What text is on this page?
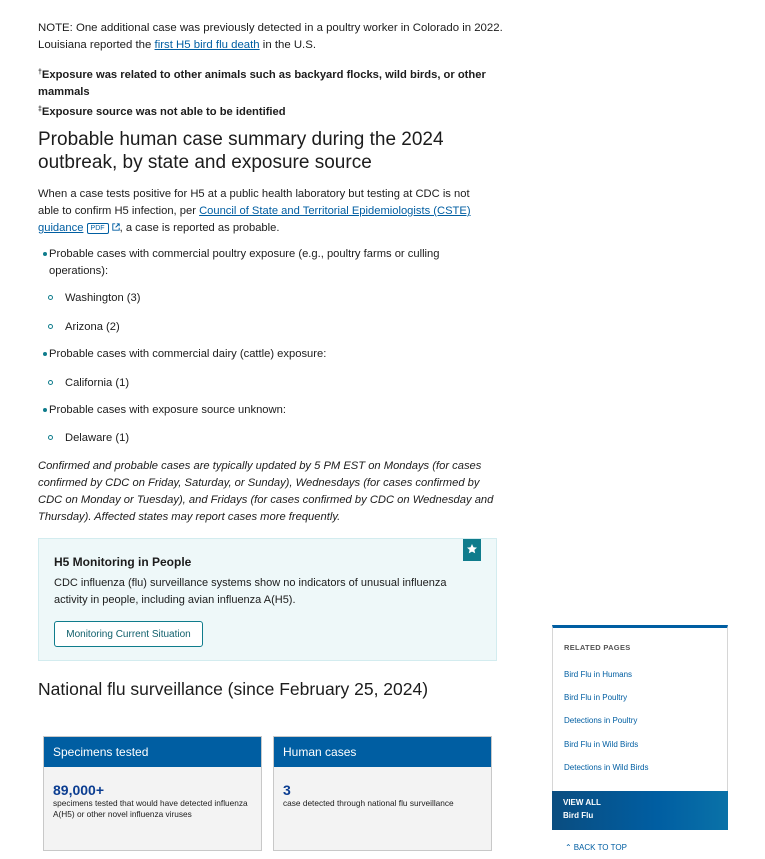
NOTE: One additional case was previously detected in a poultry worker in Colorado in 2022. Louisiana reported the first H5 bird flu death in the U.S.

†Exposure was related to other animals such as backyard flocks, wild birds, or other mammals
‡Exposure source was not able to be identified
Probable human case summary during the 2024 outbreak, by state and exposure source

When a case tests positive for H5 at a public health laboratory but testing at CDC is not able to confirm H5 infection, per Council of State and Territorial Epidemiologists (CSTE) guidance PDF , a case is reported as probable.

Probable cases with commercial poultry exposure (e.g., poultry farms or culling operations):
Washington (3)
Arizona (2)
Probable cases with commercial dairy (cattle) exposure:
California (1)
Probable cases with exposure source unknown:
Delaware (1)

Confirmed and probable cases are typically updated by 5 PM EST on Mondays (for cases confirmed by CDC on Friday, Saturday, or Sunday), Wednesdays (for cases confirmed by CDC on Monday or Tuesday), and Fridays (for cases confirmed by CDC on Wednesday and Thursday). Affected states may report cases more frequently.

H5 Monitoring in People
CDC influenza (flu) surveillance systems show no indicators of unusual influenza activity in people, including avian influenza A(H5).
Monitoring Current Situation
National flu surveillance (since February 25, 2024)
Specimens tested
89,000+
specimens tested that would have detected influenza A(H5) or other novel influenza viruses
Human cases
3
case detected through national flu surveillance
RELATED PAGES
Bird Flu in Humans
Bird Flu in Poultry
Detections in Poultry
Bird Flu in Wild Birds
Detections in Wild Birds
VIEW ALL
Bird Flu
⌃ BACK TO TOP
